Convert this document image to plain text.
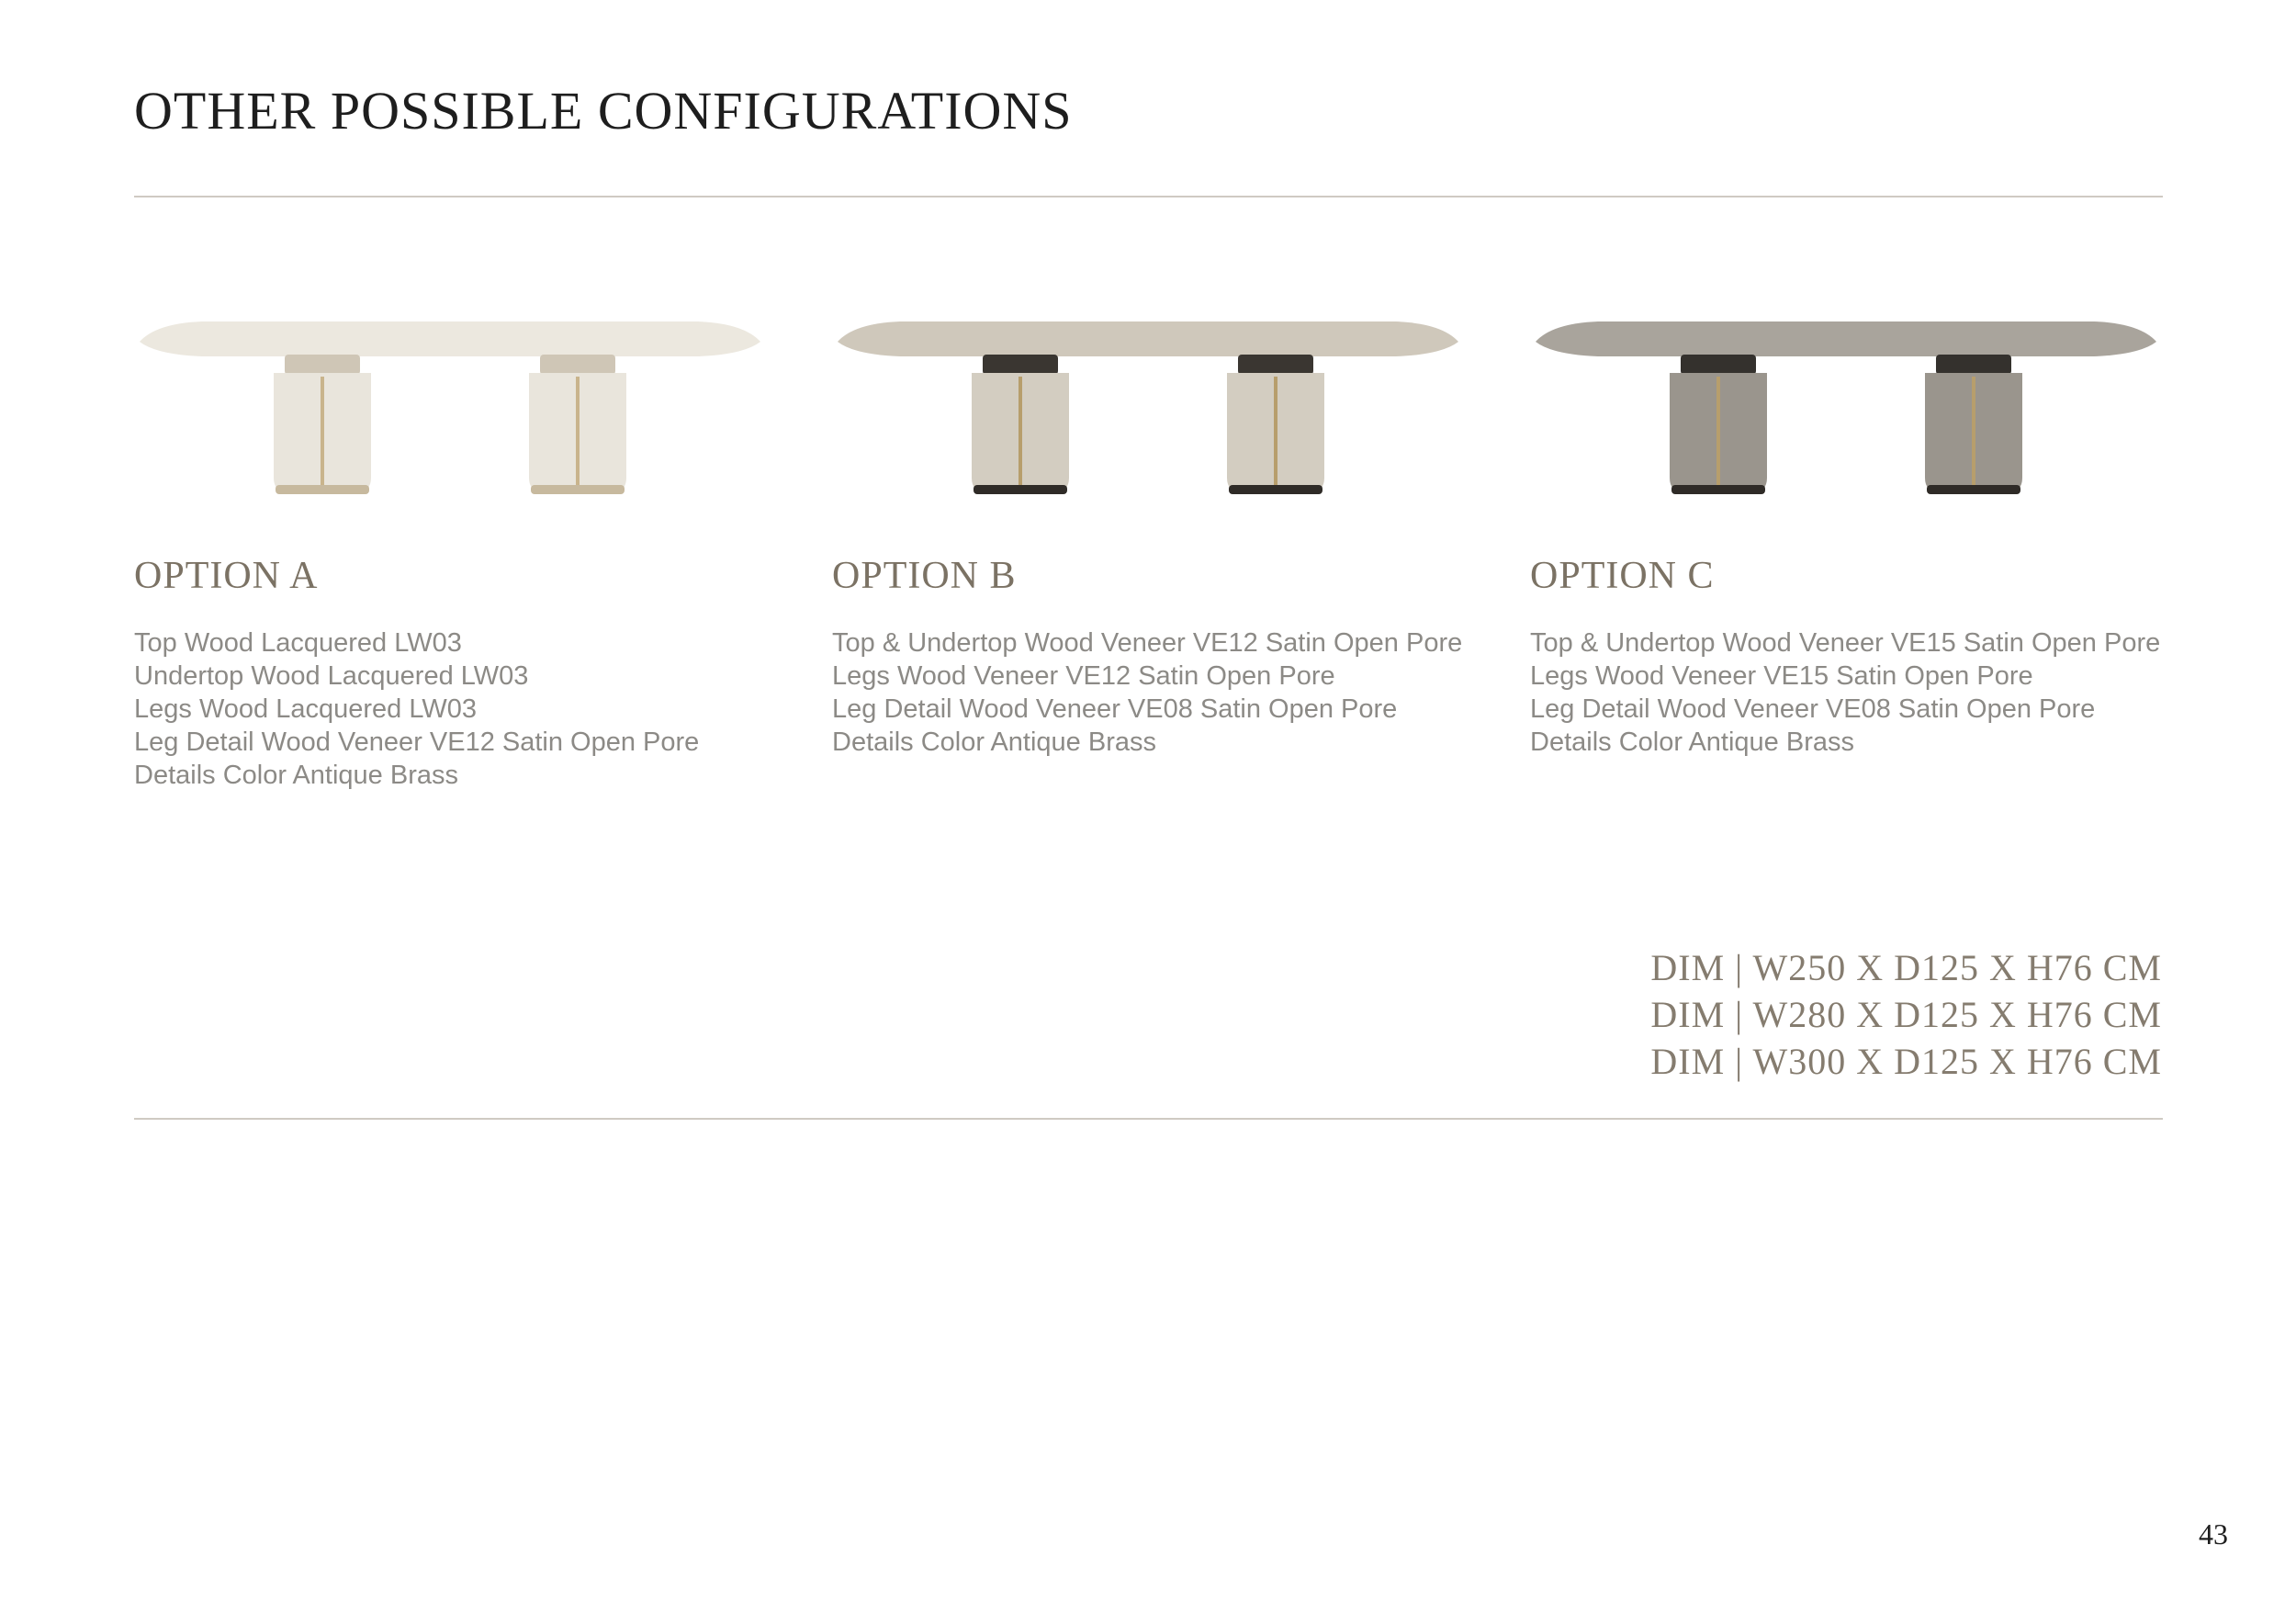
OTHER POSSIBLE CONFIGURATIONS
OPTION A
Top Wood Lacquered LW03
Undertop Wood Lacquered LW03
Legs Wood Lacquered LW03
Leg Detail Wood Veneer VE12 Satin Open Pore
Details Color Antique Brass
OPTION B
Top & Undertop Wood Veneer VE12 Satin Open Pore
Legs Wood Veneer VE12 Satin Open Pore
Leg Detail Wood Veneer VE08 Satin Open Pore
Details Color Antique Brass
OPTION C
Top & Undertop Wood Veneer VE15 Satin Open Pore
Legs Wood Veneer VE15 Satin Open Pore
Leg Detail Wood Veneer VE08 Satin Open Pore
Details Color Antique Brass
DIM | W250 X D125 X H76 CM
DIM | W280 X D125 X H76 CM
DIM | W300 X D125 X H76 CM
43
